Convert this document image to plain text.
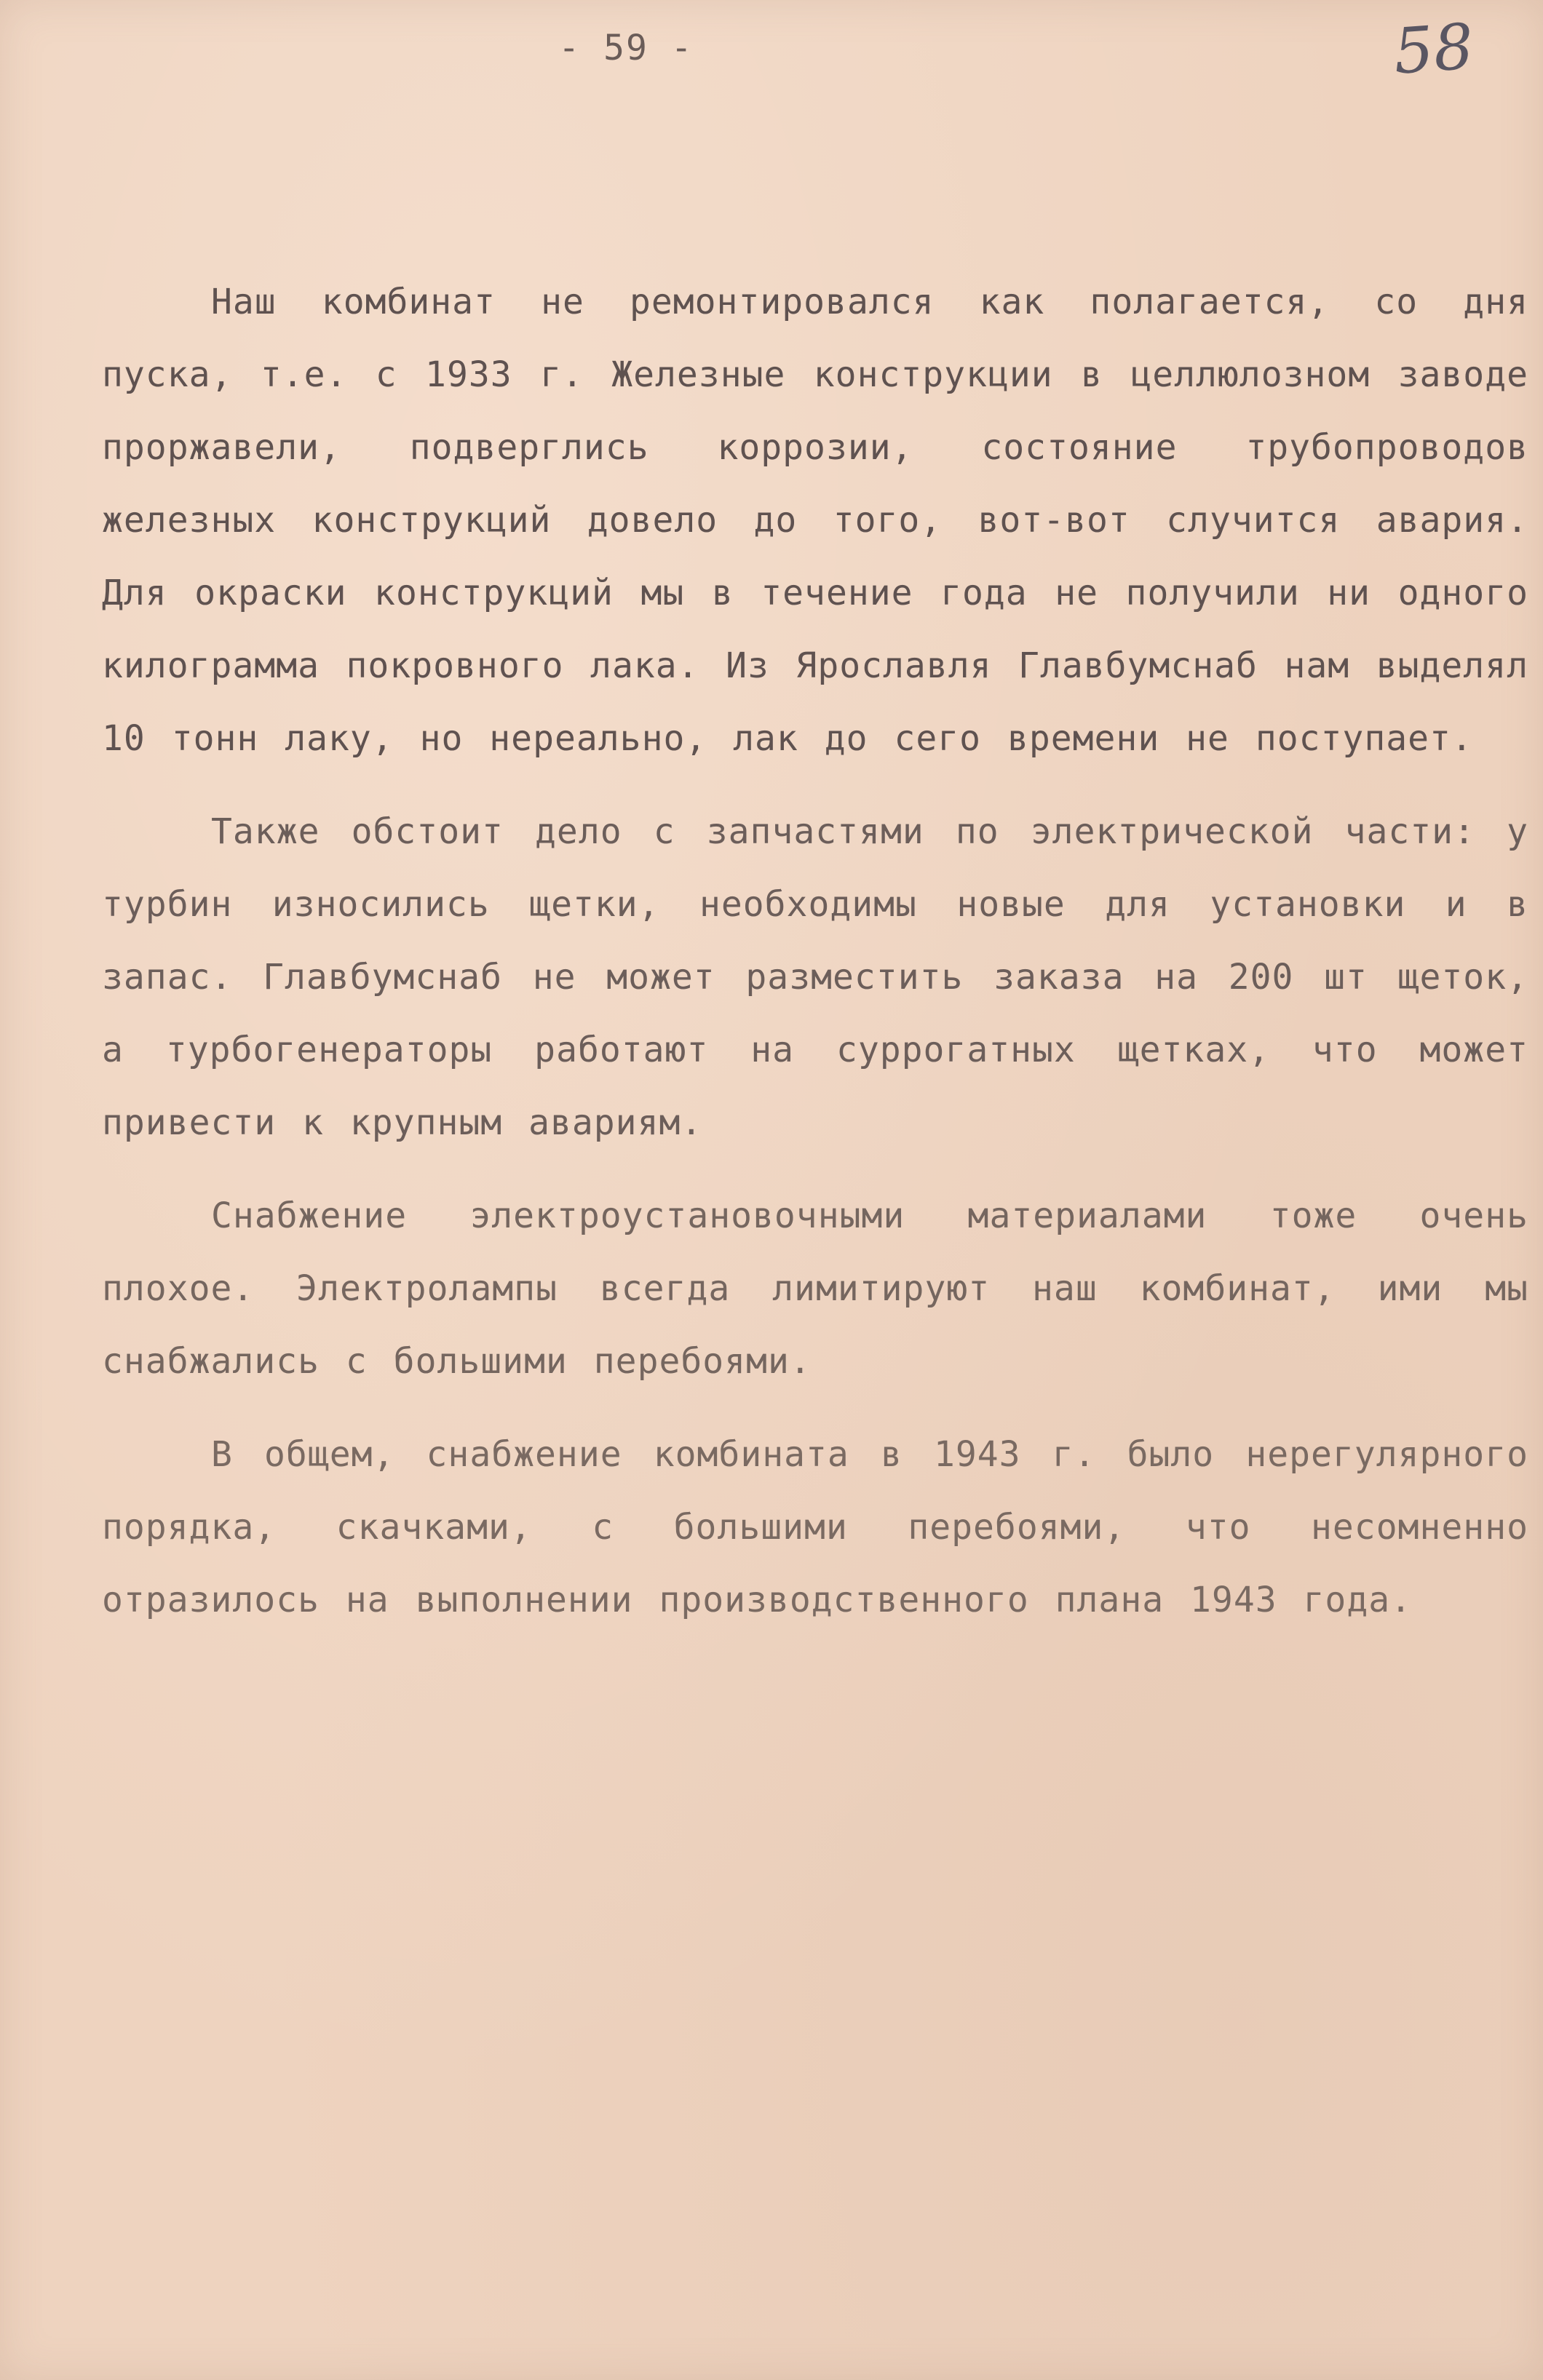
- 59 -	58

Наш комбинат не ремонтировался как полагается, со дня пуска, т.е. с 1933 г. Железные конструкции в целлюлозном заводе проржавели, подверглись коррозии, состояние трубопроводов железных конструкций довело до того, вот-вот случится авария. Для окраски конструкций мы в течение года не получили ни одного килограмма покровного лака. Из Ярославля Главбумснаб нам выделял 10 тонн лаку, но нереально, лак до сего времени не поступает.

Также обстоит дело с запчастями по электрической части: у турбин износились щетки, необходимы новые для установки и в запас. Главбумснаб не может разместить заказа на 200 шт щеток, а турбогенераторы работают на суррогатных щетках, что может привести к крупным авариям.

Снабжение электроустановочными материалами тоже очень плохое. Электролампы всегда лимитируют наш комбинат, ими мы снабжались с большими перебоями.

В общем, снабжение комбината в 1943 г. было нерегулярного порядка, скачками, с большими перебоями, что несомненно отразилось на выполнении производственного плана 1943 года.
